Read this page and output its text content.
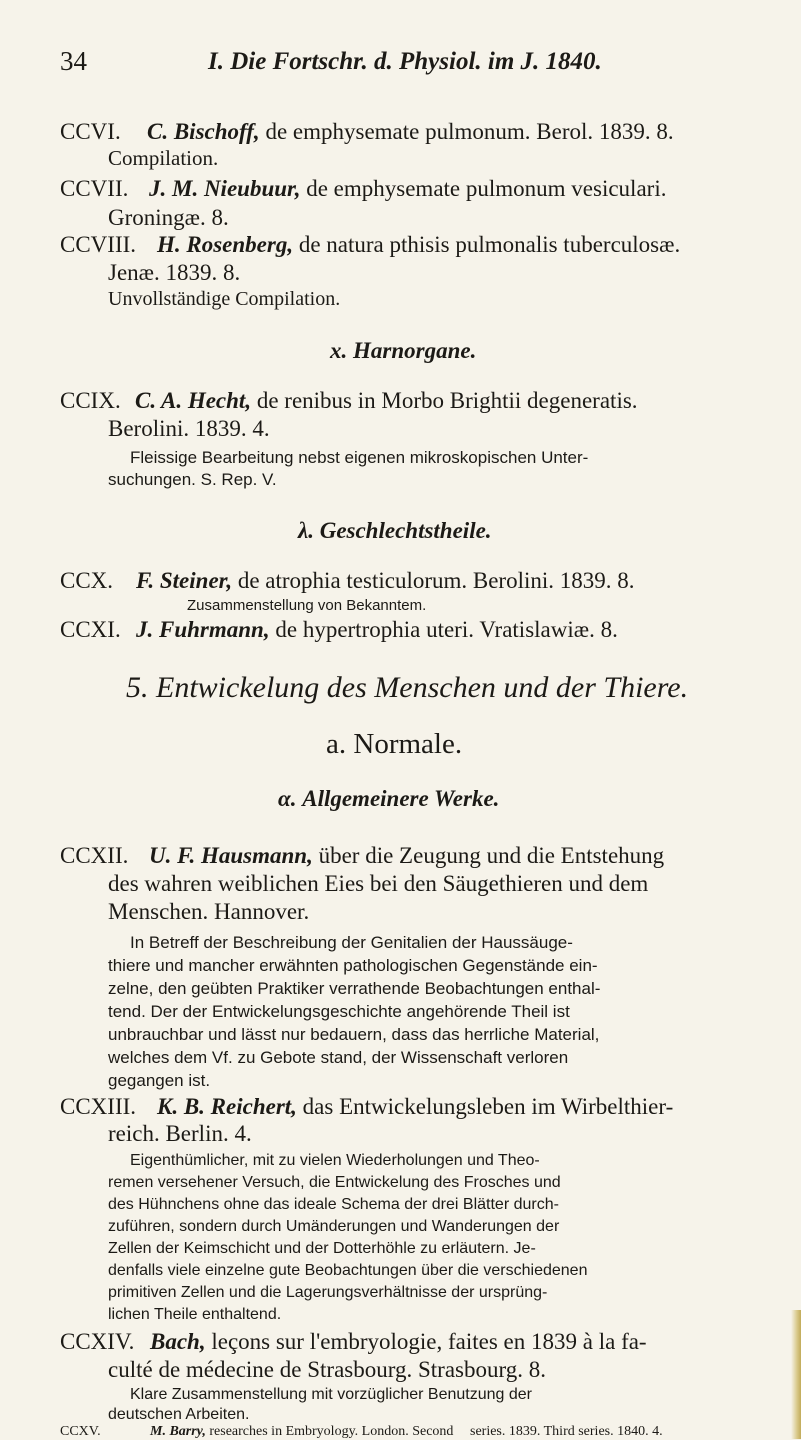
34	I. Die Fortschr. d. Physiol. im J. 1840.
CCVI. C. Bischoff, de emphysemate pulmonum. Berol. 1839. 8.
Compilation.
CCVII. J. M. Nieubuur, de emphysemate pulmonum vesiculari.
Groningæ. 8.
CCVIII. H. Rosenberg, de natura pthisis pulmonalis tuberculosæ.
Jenæ. 1839. 8.
Unvollständige Compilation.
x. Harnorgane.
CCIX. C. A. Hecht, de renibus in Morbo Brightii degeneratis.
Berolini. 1839. 4.
Fleissige Bearbeitung nebst eigenen mikroskopischen Unter-
suchungen. S. Rep. V.
λ. Geschlechtstheile.
CCX. F. Steiner, de atrophia testiculorum. Berolini. 1839. 8.
Zusammenstellung von Bekanntem.
CCXI. J. Fuhrmann, de hypertrophia uteri. Vratislawiæ. 8.
5. Entwickelung des Menschen und der Thiere.
a. Normale.
α. Allgemeinere Werke.
CCXII. U. F. Hausmann, über die Zeugung und die Entstehung
des wahren weiblichen Eies bei den Säugethieren und dem
Menschen. Hannover.
In Betreff der Beschreibung der Genitalien der Haussäuge-
thiere und mancher erwähnten pathologischen Gegenstände ein-
zelne, den geübten Praktiker verrathende Beobachtungen enthal-
tend. Der der Entwickelungsgeschichte angehörende Theil ist
unbrauchbar und lässt nur bedauern, dass das herrliche Material,
welches dem Vf. zu Gebote stand, der Wissenschaft verloren
gegangen ist.
CCXIII. K. B. Reichert, das Entwickelungsleben im Wirbelthier-
reich. Berlin. 4.
Eigenthümlicher, mit zu vielen Wiederholungen und Theo-
remen versehener Versuch, die Entwickelung des Frosches und
des Hühnchens ohne das ideale Schema der drei Blätter durch-
zuführen, sondern durch Umänderungen und Wanderungen der
Zellen der Keimschicht und der Dotterhöhle zu erläutern. Je-
denfalls viele einzelne gute Beobachtungen über die verschiedenen
primitiven Zellen und die Lagerungsverhältnisse der ursprüng-
lichen Theile enthaltend.
CCXIV. Bach, leçons sur l'embryologie, faites en 1839 à la fa-
culté de médecine de Strasbourg. Strasbourg. 8.
Klare Zusammenstellung mit vorzüglicher Benutzung der
deutschen Arbeiten.
CCXV.	M. Barry, researches in Embryology. London. Second series. 1839. Third series. 1840. 4.
